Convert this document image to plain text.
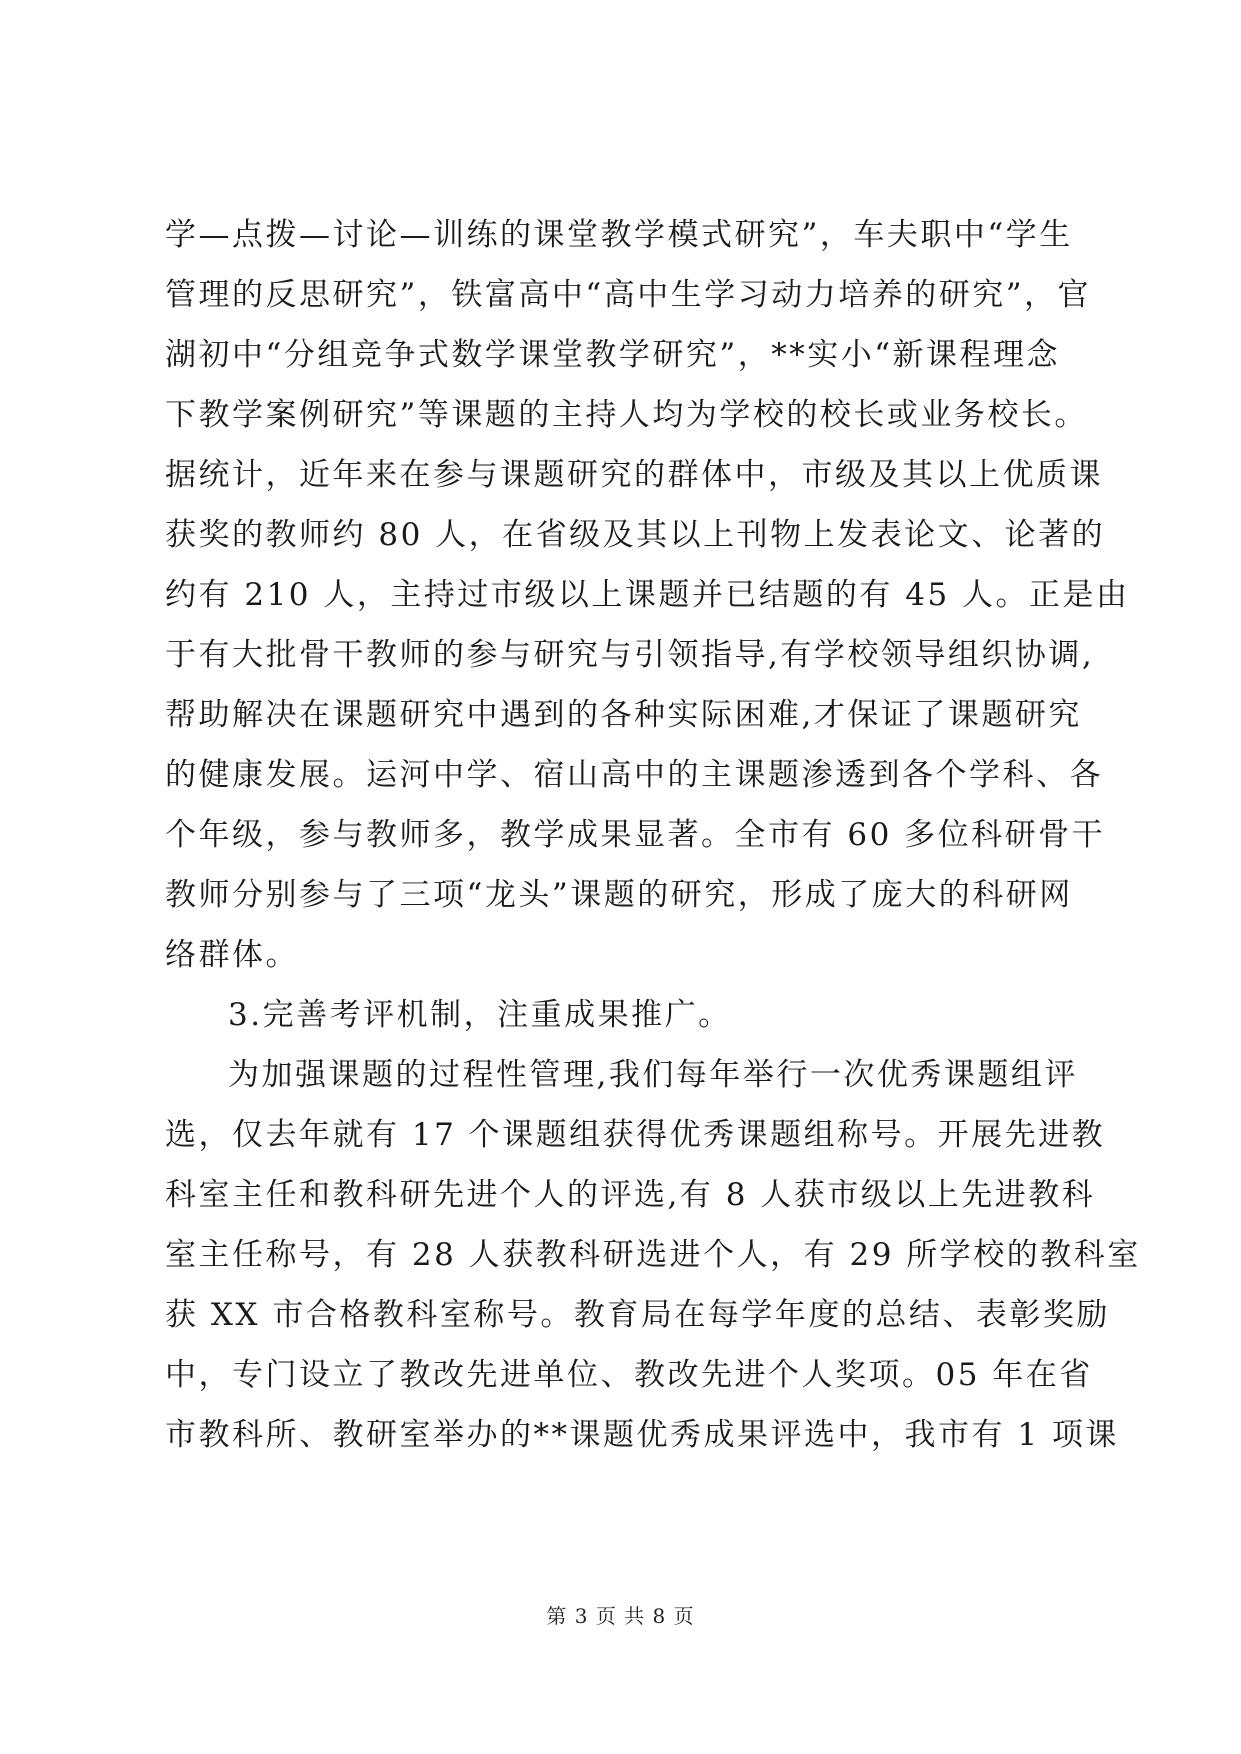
学—点拨—讨论—训练的课堂教学模式研究”，车夫职中“学生
管理的反思研究”，铁富高中“高中生学习动力培养的研究”，官
湖初中“分组竞争式数学课堂教学研究”，**实小“新课程理念
下教学案例研究”等课题的主持人均为学校的校长或业务校长。
据统计，近年来在参与课题研究的群体中，市级及其以上优质课
获奖的教师约 80 人，在省级及其以上刊物上发表论文、论著的
约有 210 人，主持过市级以上课题并已结题的有 45 人。正是由
于有大批骨干教师的参与研究与引领指导,有学校领导组织协调,
帮助解决在课题研究中遇到的各种实际困难,才保证了课题研究
的健康发展。运河中学、宿山高中的主课题渗透到各个学科、各
个年级，参与教师多，教学成果显著。全市有 60 多位科研骨干
教师分别参与了三项“龙头”课题的研究，形成了庞大的科研网
络群体。
3.完善考评机制，注重成果推广。
为加强课题的过程性管理,我们每年举行一次优秀课题组评
选，仅去年就有 17 个课题组获得优秀课题组称号。开展先进教
科室主任和教科研先进个人的评选,有 8 人获市级以上先进教科
室主任称号，有 28 人获教科研选进个人，有 29 所学校的教科室
获 XX 市合格教科室称号。教育局在每学年度的总结、表彰奖励
中，专门设立了教改先进单位、教改先进个人奖项。05 年在省
市教科所、教研室举办的**课题优秀成果评选中，我市有 1 项课
第 3 页 共 8 页
